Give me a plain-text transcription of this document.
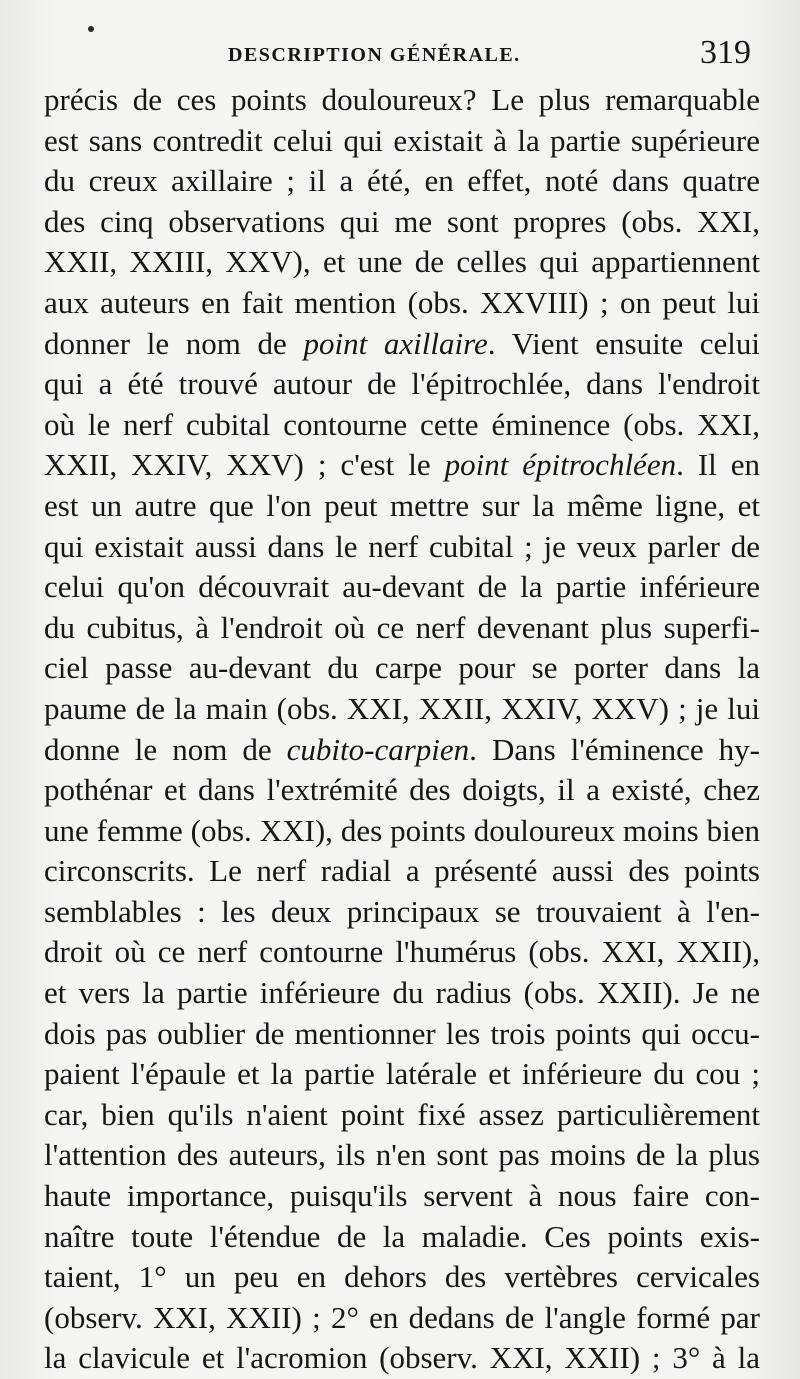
DESCRIPTION GÉNÉRALE.	319
précis de ces points douloureux? Le plus remarquable
est sans contredit celui qui existait à la partie supérieure
du creux axillaire ; il a été, en effet, noté dans quatre
des cinq observations qui me sont propres (obs. XXI,
XXII, XXIII, XXV), et une de celles qui appartiennent
aux auteurs en fait mention (obs. XXVIII) ; on peut lui
donner le nom de point axillaire. Vient ensuite celui
qui a été trouvé autour de l'épitrochlée, dans l'endroit
où le nerf cubital contourne cette éminence (obs. XXI,
XXII, XXIV, XXV) ; c'est le point épitrochléen. Il en
est un autre que l'on peut mettre sur la même ligne, et
qui existait aussi dans le nerf cubital ; je veux parler de
celui qu'on découvrait au-devant de la partie inférieure
du cubitus, à l'endroit où ce nerf devenant plus superfi-
ciel passe au-devant du carpe pour se porter dans la
paume de la main (obs. XXI, XXII, XXIV, XXV) ; je lui
donne le nom de cubito-carpien. Dans l'éminence hy-
pothénar et dans l'extrémité des doigts, il a existé, chez
une femme (obs. XXI), des points douloureux moins bien
circonscrits. Le nerf radial a présenté aussi des points
semblables : les deux principaux se trouvaient à l'en-
droit où ce nerf contourne l'humérus (obs. XXI, XXII),
et vers la partie inférieure du radius (obs. XXII). Je ne
dois pas oublier de mentionner les trois points qui occu-
paient l'épaule et la partie latérale et inférieure du cou ;
car, bien qu'ils n'aient point fixé assez particulièrement
l'attention des auteurs, ils n'en sont pas moins de la plus
haute importance, puisqu'ils servent à nous faire con-
naître toute l'étendue de la maladie. Ces points exis-
taient, 1° un peu en dehors des vertèbres cervicales
(observ. XXI, XXII) ; 2° en dedans de l'angle formé par
la clavicule et l'acromion (observ. XXI, XXII) ; 3° à la
